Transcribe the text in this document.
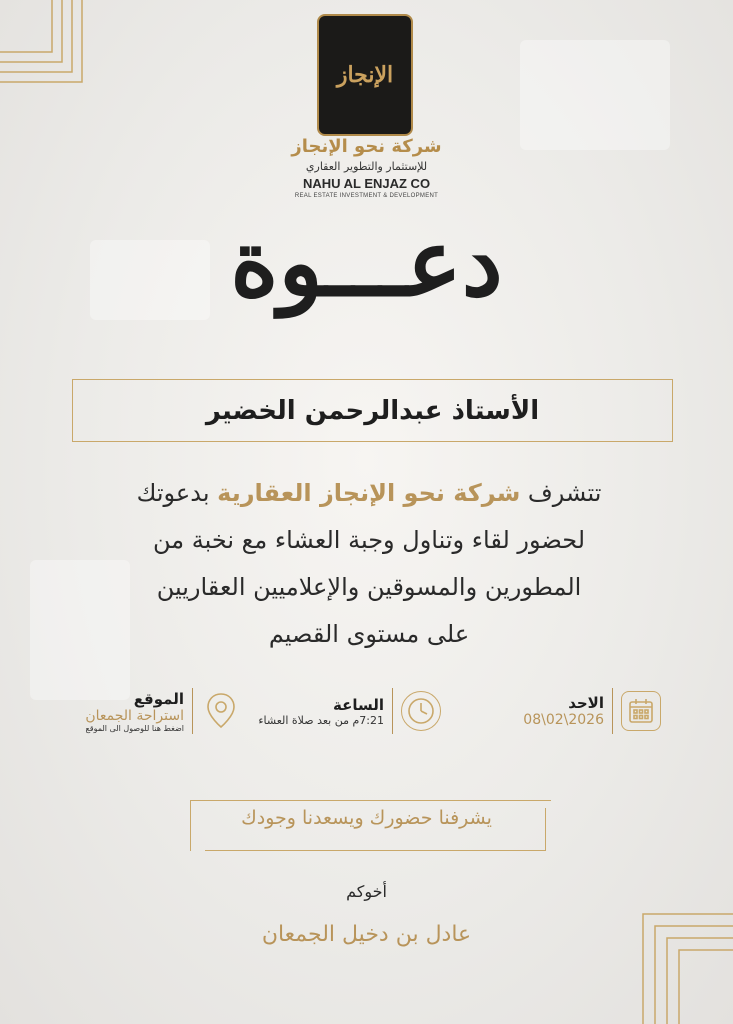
الإنجاز
شركة نحو الإنجاز
للإستثمار والتطوير العقاري
NAHU AL ENJAZ CO
REAL ESTATE INVESTMENT & DEVELOPMENT
دعـــوة
الأستاذ عبدالرحمن الخضير
تتشرف شركة نحو الإنجاز العقارية بدعوتك
لحضور لقاء وتناول وجبة العشاء مع نخبة من
المطورين والمسوقين والإعلاميين العقاريين
على مستوى القصيم
الاحد
08\02\2026
الساعة
7:21م من بعد صلاة العشاء
الموقع
استراحة الجمعان
اضغط هنا للوصول الى الموقع
يشرفنا حضورك ويسعدنا وجودك
أخوكم
عادل بن دخيل الجمعان
